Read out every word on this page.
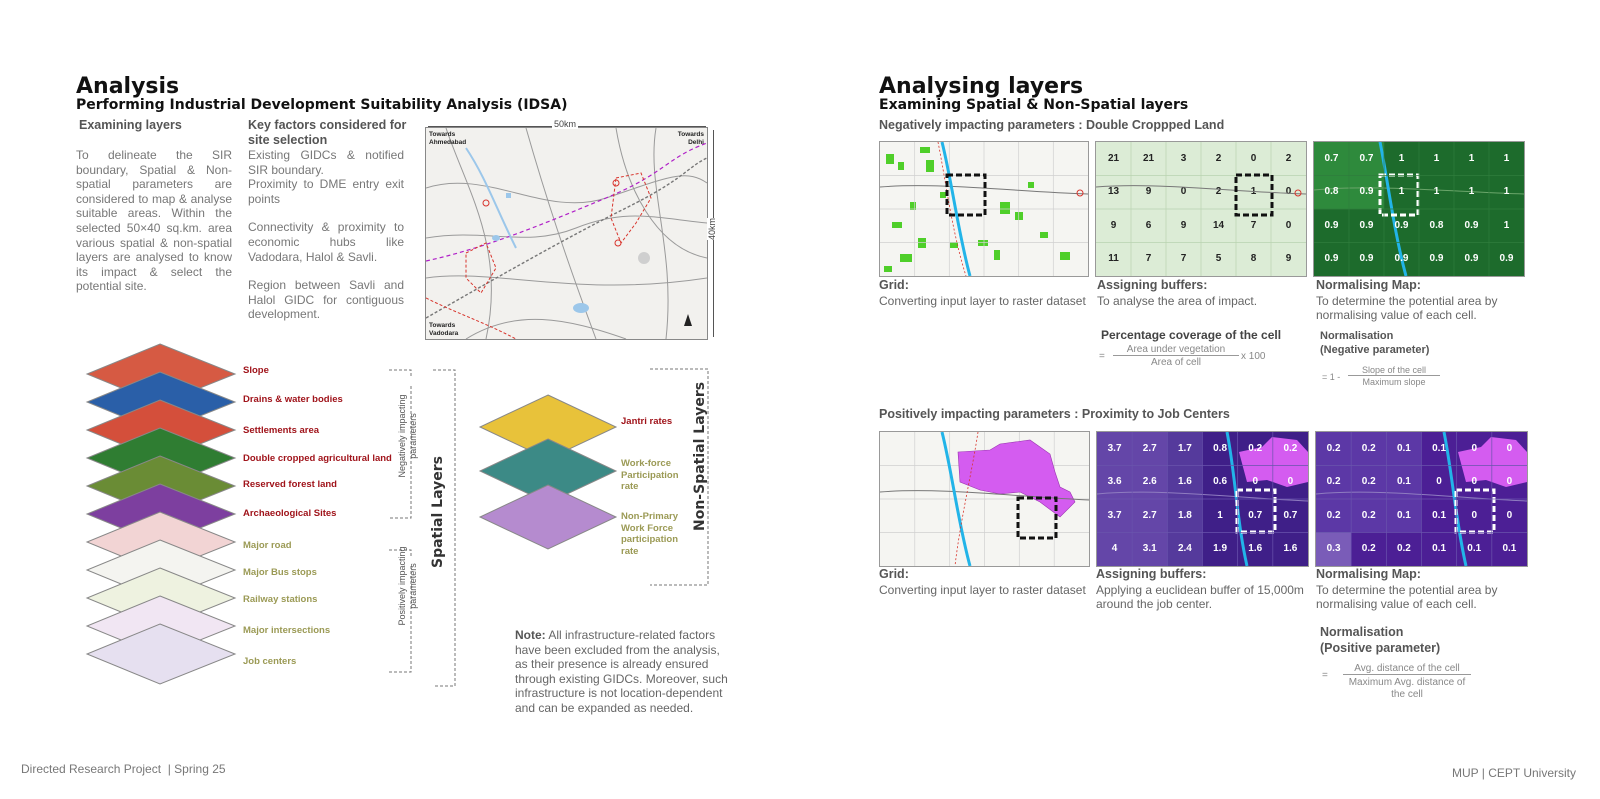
Analysis
Performing Industrial Development Suitability Analysis (IDSA)
Examining layers
To delineate the SIR boundary, Spatial & Non-spatial parameters are considered to map & analyse suitable areas. Within the selected 50×40 sq.km. area various spatial & non-spatial layers are analysed to know its impact & select the potential site.
Key factors considered for site selection
Existing GIDCs & notified SIR boundary.
Proximity to DME entry exit points
Connectivity & proximity to economic hubs like Vadodara, Halol & Savli.
Region between Savli and Halol GIDC for contiguous development.
Towards Ahmedabad
Towards Delhi
Towards Vadodara
50km
40km
Slope
Drains & water bodies
Settlements area
Double cropped agricultural land
Reserved forest land
Archaeological Sites
Major road
Major Bus stops
Railway stations
Major intersections
Job centers
Negatively impacting parameters
Positively impacting parameters
Spatial Layers
Jantri rates
Work-force Participation rate
Non-Primary Work Force participation rate
Non-Spatial Layers
Note: All infrastructure-related factors have been excluded from the analysis, as their presence is already ensured through existing GIDCs. Moreover, such infrastructure is not location-dependent and can be expanded as needed.
Analysing layers
Examining Spatial & Non-Spatial layers
Negatively impacting parameters : Double Croppped Land
21	21	3	2	0	2
13	9	0	2	1	0
9	6	9	14	7	0
11	7	7	5	8	9
0.7	0.7	1	1	1	1
0.8	0.9	1	1	1	1
0.9	0.9	0.9	0.8	0.9	1
0.9	0.9	0.9	0.9	0.9	0.9
Grid:
Converting input layer to raster dataset
Assigning buffers:
To analyse the area of impact.
Normalising Map:
To determine the potential area by normalising value of each cell.
Percentage coverage of the cell
=
Area under vegetation
Area of cell
x 100
Normalisation
(Negative parameter)
= 1 -
Slope of the cell
Maximum slope
Positively impacting parameters : Proximity to Job Centers
3.7	2.7	1.7	0.8	0.2	0.2
3.6	2.6	1.6	0.6	0	0
3.7	2.7	1.8	1	0.7	0.7
4	3.1	2.4	1.9	1.6	1.6
0.2	0.2	0.1	0.1	0	0
0.2	0.2	0.1	0	0	0
0.2	0.2	0.1	0.1	0	0
0.3	0.2	0.2	0.1	0.1	0.1
Grid:
Converting input layer to raster dataset
Assigning buffers:
Applying a euclidean buffer of 15,000m around the job center.
Normalising Map:
To determine the potential area by normalising value of each cell.
Normalisation
(Positive parameter)
=
Avg. distance of the cell
Maximum Avg. distance of the cell
Directed Research Project  | Spring 25	MUP | CEPT University
